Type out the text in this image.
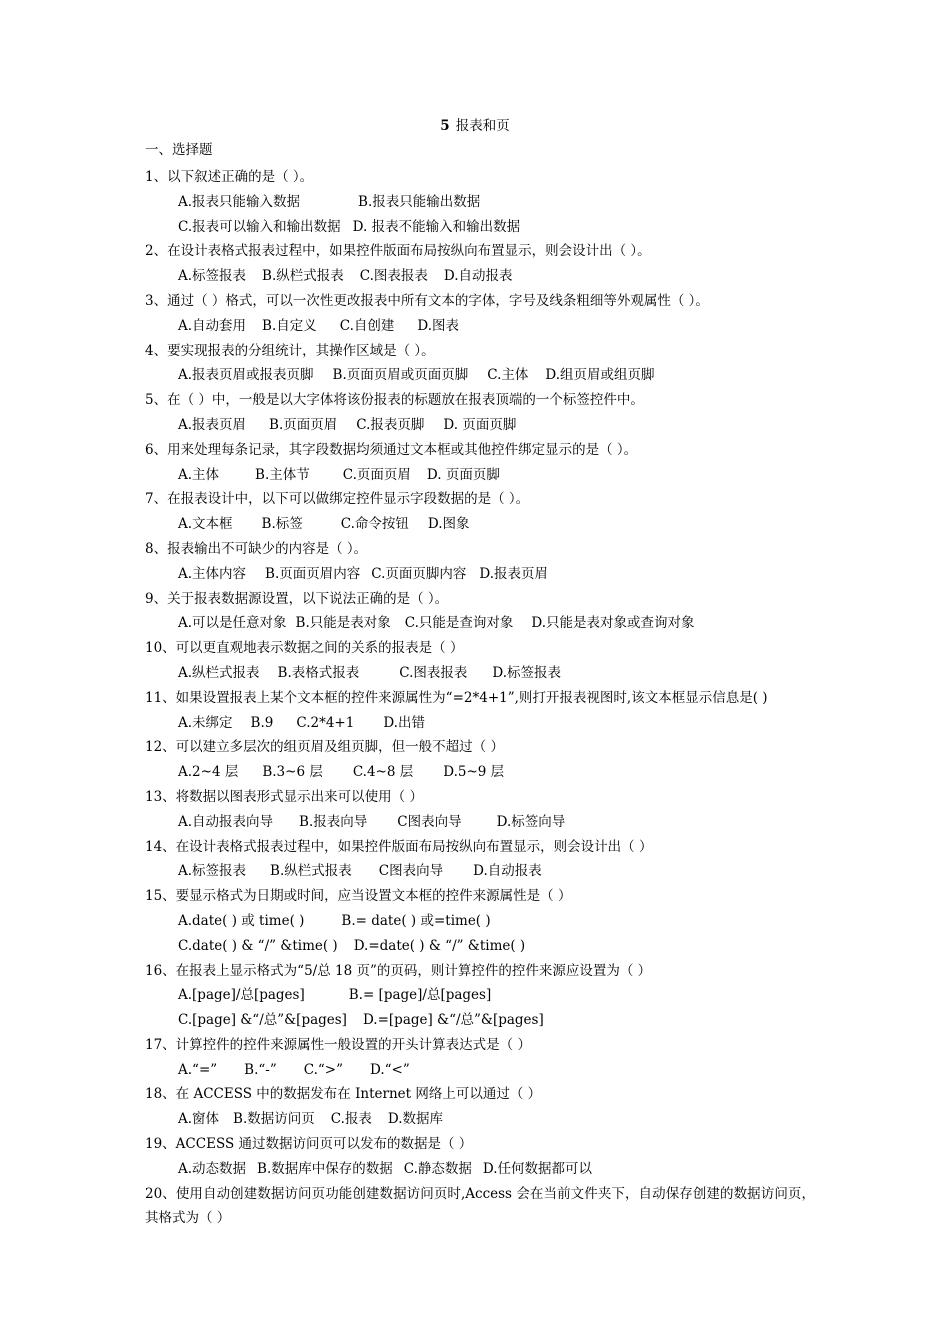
5 报表和页
一、选择题
1、以下叙述正确的是（ ）。
A.报表只能输入数据	B.报表只能输出数据
C.报表可以输入和输出数据 D. 报表不能输入和输出数据
2、在设计表格式报表过程中，如果控件版面布局按纵向布置显示，则会设计出（ ）。
A.标签报表 B.纵栏式报表 C.图表报表 D.自动报表
3、通过（ ）格式，可以一次性更改报表中所有文本的字体，字号及线条粗细等外观属性（ ）。
A.自动套用 B.自定义 C.自创建 D.图表
4、要实现报表的分组统计，其操作区域是（ ）。
A.报表页眉或报表页脚 B.页面页眉或页面页脚 C.主体 D.组页眉或组页脚
5、在（ ）中，一般是以大字体将该份报表的标题放在报表顶端的一个标签控件中。
A.报表页眉 B.页面页眉 C.报表页脚 D. 页面页脚
6、用来处理每条记录，其字段数据均须通过文本框或其他控件绑定显示的是（ ）。
A.主体	B.主体节 C.页面页眉 D. 页面页脚
7、在报表设计中，以下可以做绑定控件显示字段数据的是（ ）。
A.文本框 B.标签	C.命令按钮 D.图象
8、报表输出不可缺少的内容是（ ）。
A.主体内容 B.页面页眉内容 C.页面页脚内容 D.报表页眉
9、关于报表数据源设置，以下说法正确的是（ ）。
A.可以是任意对象 B.只能是表对象 C.只能是查询对象 D.只能是表对象或查询对象
10、可以更直观地表示数据之间的关系的报表是（ ）
A.纵栏式报表 B.表格式报表	C.图表报表 D.标签报表
11、如果设置报表上某个文本框的控件来源属性为“=2*4+1”,则打开报表视图时,该文本框显示信息是( )
A.未绑定 B.9 C.2*4+1 D.出错
12、可以建立多层次的组页眉及组页脚，但一般不超过（ ）
A.2~4 层 B.3~6 层 C.4~8 层 D.5~9 层
13、将数据以图表形式显示出来可以使用（ ）
A.自动报表向导 B.报表向导 C图表向导	D.标签向导
14、在设计表格式报表过程中，如果控件版面布局按纵向布置显示，则会设计出（ ）
A.标签报表 B.纵栏式报表 C图表向导 D.自动报表
15、要显示格式为日期或时间，应当设置文本框的控件来源属性是（ ）
A.date( ) 或 time( )	B.= date( ) 或=time( )
C.date( ) & “/” &time( ) D.=date( ) & “/” &time( )
16、在报表上显示格式为“5/总 18 页”的页码，则计算控件的控件来源应设置为（ ）
A.[page]/总[pages]	B.= [page]/总[pages]
C.[page] &“/总”&[pages] D.=[page] &“/总”&[pages]
17、计算控件的控件来源属性一般设置的开头计算表达式是（ ）
A.“=” B.“-” C.“>” D.“<”
18、在 ACCESS 中的数据发布在 Internet 网络上可以通过（ ）
A.窗体 B.数据访问页 C.报表 D.数据库
19、ACCESS 通过数据访问页可以发布的数据是（ ）
A.动态数据 B.数据库中保存的数据 C.静态数据 D.任何数据都可以
20、使用自动创建数据访问页功能创建数据访问页时,Access 会在当前文件夹下，自动保存创建的数据访问页，其格式为（ ）
